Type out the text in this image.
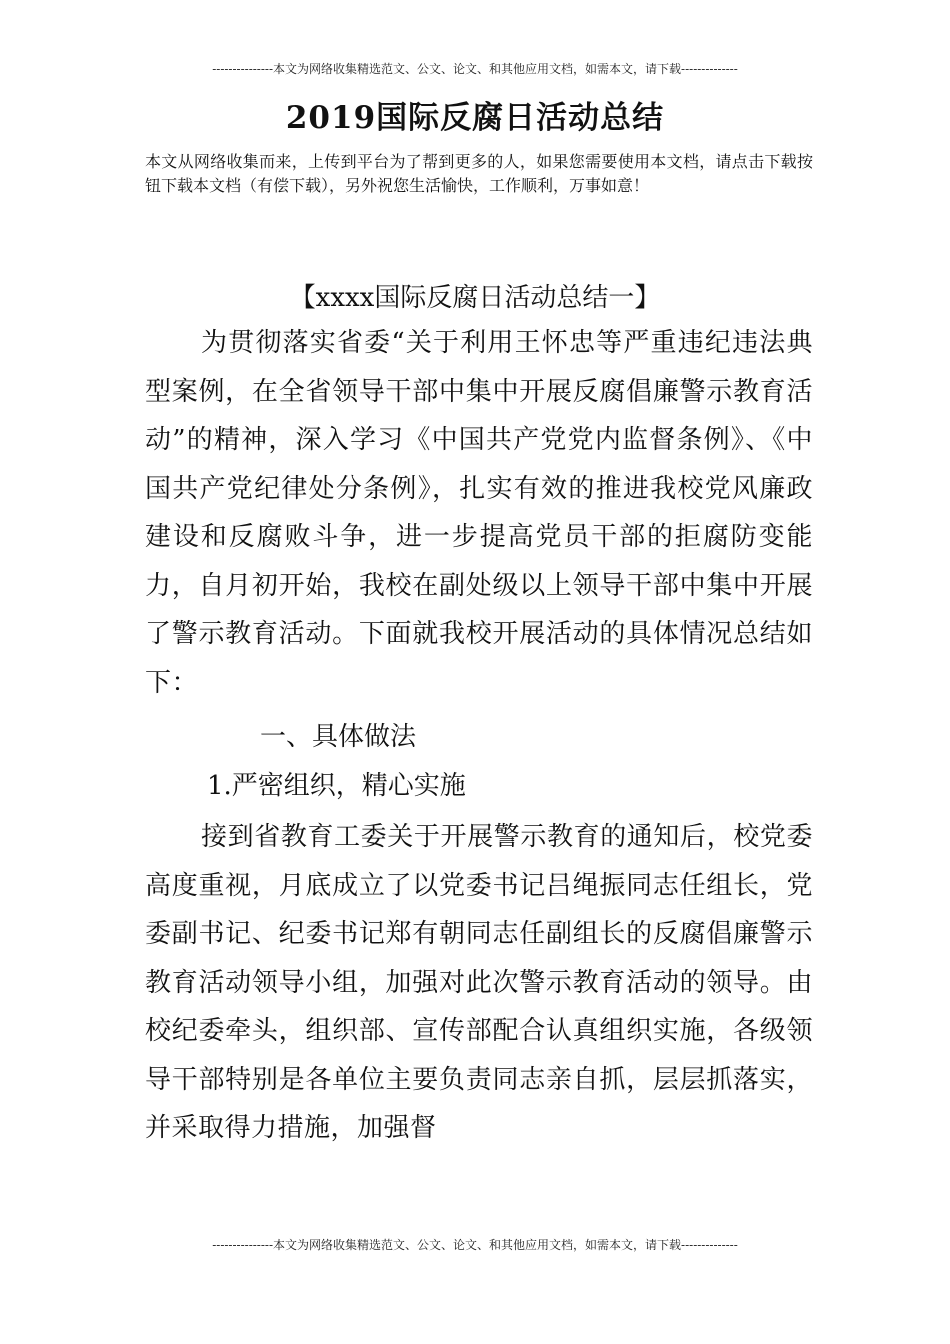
---------------本文为网络收集精选范文、公文、论文、和其他应用文档，如需本文，请下载--------------
2019国际反腐日活动总结
本文从网络收集而来，上传到平台为了帮到更多的人，如果您需要使用本文档，请点击下载按钮下载本文档（有偿下载），另外祝您生活愉快，工作顺利，万事如意！
【xxxx国际反腐日活动总结一】
为贯彻落实省委“关于利用王怀忠等严重违纪违法典型案例，在全省领导干部中集中开展反腐倡廉警示教育活动”的精神，深入学习《中国共产党党内监督条例》、《中国共产党纪律处分条例》，扎实有效的推进我校党风廉政建设和反腐败斗争，进一步提高党员干部的拒腐防变能力，自月初开始，我校在副处级以上领导干部中集中开展了警示教育活动。下面就我校开展活动的具体情况总结如下：
一、具体做法
1.严密组织，精心实施
接到省教育工委关于开展警示教育的通知后，校党委高度重视，月底成立了以党委书记吕绳振同志任组长，党委副书记、纪委书记郑有朝同志任副组长的反腐倡廉警示教育活动领导小组，加强对此次警示教育活动的领导。由校纪委牵头，组织部、宣传部配合认真组织实施，各级领导干部特别是各单位主要负责同志亲自抓，层层抓落实，并采取得力措施，加强督
---------------本文为网络收集精选范文、公文、论文、和其他应用文档，如需本文，请下载--------------
